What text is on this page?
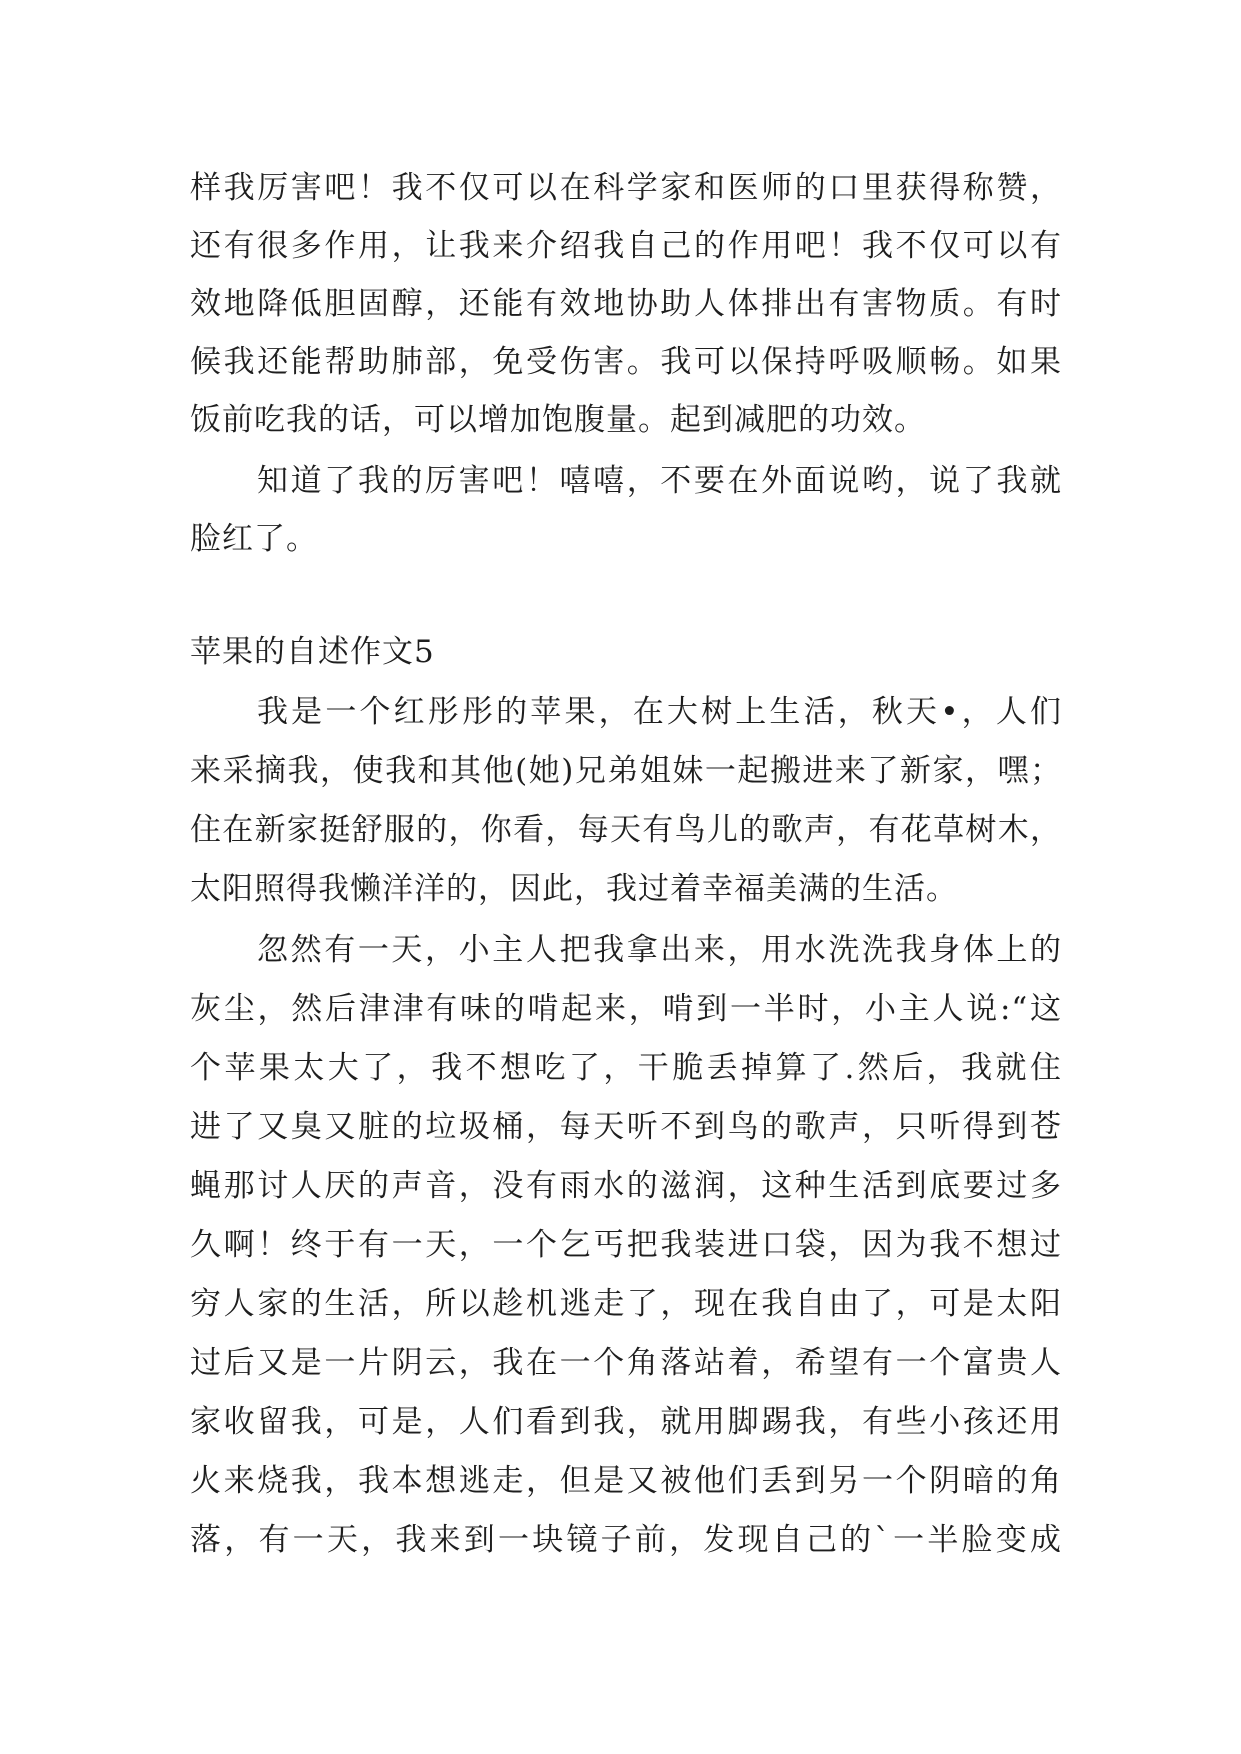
样我厉害吧！我不仅可以在科学家和医师的口里获得称赞，
还有很多作用，让我来介绍我自己的作用吧！我不仅可以有
效地降低胆固醇，还能有效地协助人体排出有害物质。有时
候我还能帮助肺部，免受伤害。我可以保持呼吸顺畅。如果
饭前吃我的话，可以增加饱腹量。起到减肥的功效。
知道了我的厉害吧！嘻嘻，不要在外面说哟，说了我就
脸红了。
苹果的自述作文5
我是一个红彤彤的苹果，在大树上生活，秋天•，人们
来采摘我，使我和其他(她)兄弟姐妹一起搬进来了新家，嘿；
住在新家挺舒服的，你看，每天有鸟儿的歌声，有花草树木，
太阳照得我懒洋洋的，因此，我过着幸福美满的生活。
忽然有一天，小主人把我拿出来，用水洗洗我身体上的
灰尘，然后津津有味的啃起来，啃到一半时，小主人说:“这
个苹果太大了，我不想吃了，干脆丢掉算了.然后，我就住
进了又臭又脏的垃圾桶，每天听不到鸟的歌声，只听得到苍
蝇那讨人厌的声音，没有雨水的滋润，这种生活到底要过多
久啊！终于有一天，一个乞丐把我装进口袋，因为我不想过
穷人家的生活，所以趁机逃走了，现在我自由了，可是太阳
过后又是一片阴云，我在一个角落站着，希望有一个富贵人
家收留我，可是，人们看到我，就用脚踢我，有些小孩还用
火来烧我，我本想逃走，但是又被他们丢到另一个阴暗的角
落，有一天，我来到一块镜子前，发现自己的`一半脸变成
